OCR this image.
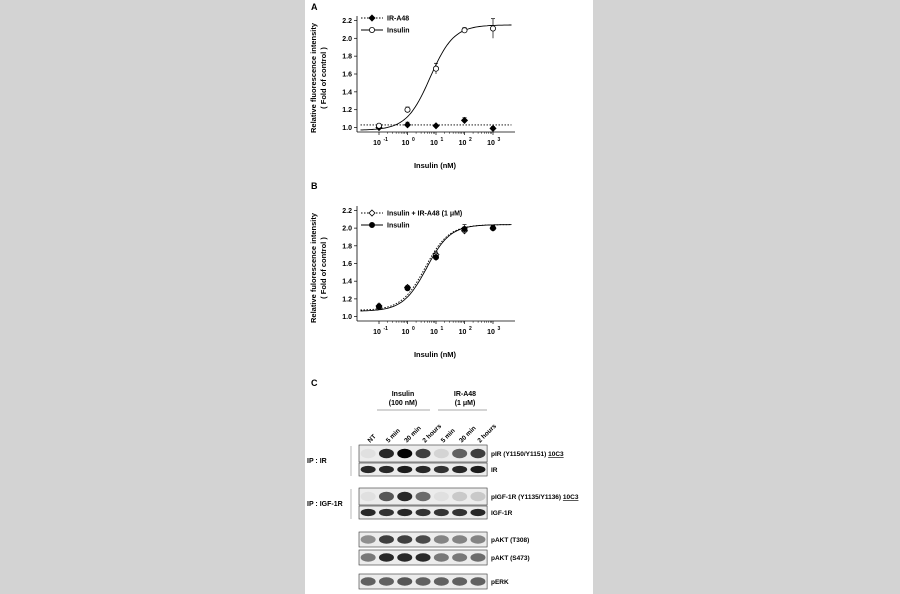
A
Relative fluorescence intensity ( Fold of control )
Insulin (nM)
1.0
1.2
1.4
1.6
1.8
2.0
2.2
10 -1 10 0 10 1 10 2 10 3
IR-A48
Insulin
B
Relative fulorescence intensity ( Fold of control )
Insulin (nM)
1.0
1.2
1.4
1.6
1.8
2.0
2.2
10 -1 10 0 10 1 10 2 10 3
Insulin + IR-A48 (1 μM)
Insulin
C
Insulin
(100 nM)
IR-A48
(1 μM)
IP : IR
IP : IGF-1R
NT 5 min 30 min
2 hours
5 min 30 min
2 hours
pIR (Y1150/Y1151) 10C3
IR
pIGF-1R (Y1135/Y1136) 10C3
IGF-1R
pAKT (T308)
pAKT (S473)
pERK
